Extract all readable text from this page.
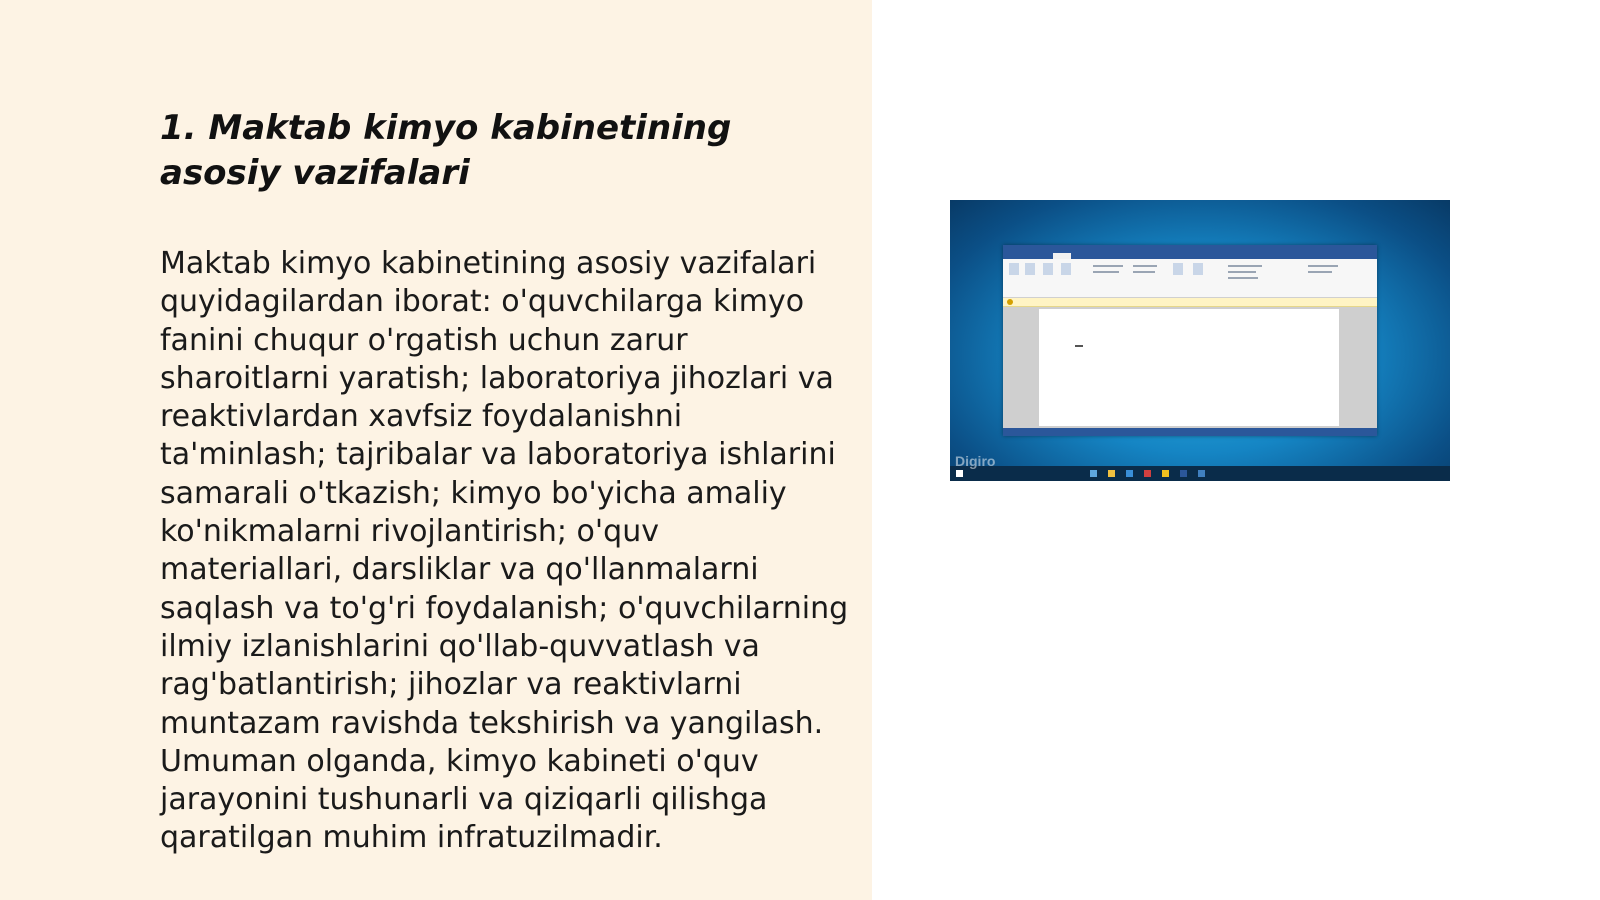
1. Maktab kimyo kabinetining asosiy vazifalari

Maktab kimyo kabinetining asosiy vazifalari quyidagilardan iborat: o'quvchilarga kimyo fanini chuqur o'rgatish uchun zarur sharoitlarni yaratish; laboratoriya jihozlari va reaktivlardan xavfsiz foydalanishni ta'minlash; tajribalar va laboratoriya ishlarini samarali o'tkazish; kimyo bo'yicha amaliy ko'nikmalarni rivojlantirish; o'quv materiallari, darsliklar va qo'llanmalarni saqlash va to'g'ri foydalanish; o'quvchilarning ilmiy izlanishlarini qo'llab-quvvatlash va rag'batlantirish; jihozlar va reaktivlarni muntazam ravishda tekshirish va yangilash. Umuman olganda, kimyo kabineti o'quv jarayonini tushunarli va qiziqarli qilishga qaratilgan muhim infratuzilmadir.

Digiro
